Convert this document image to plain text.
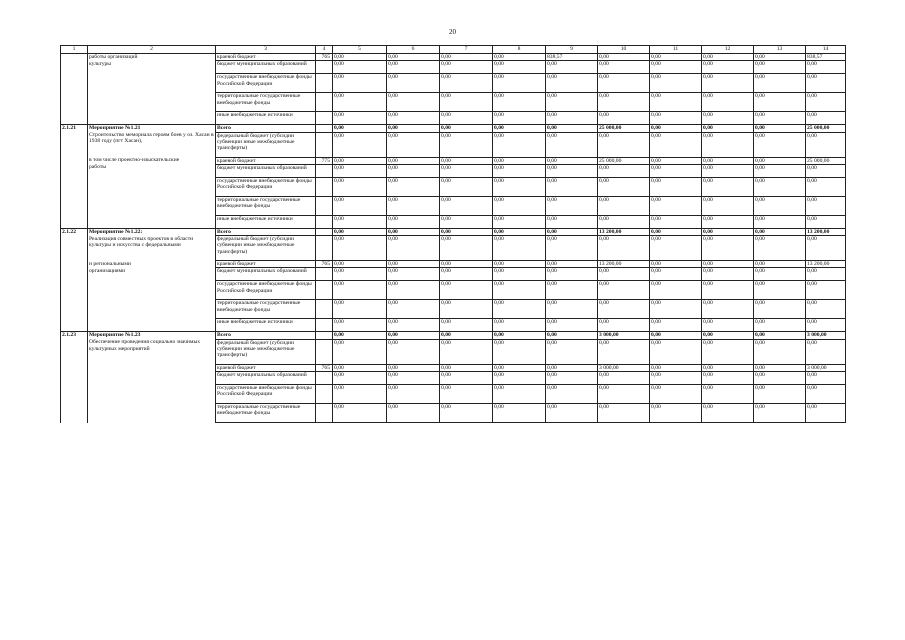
20
1	2	3	4	5	6	7	8	9	10	11	12	13	14
	работы организаций	краевой бюджет	765	0,00	0,00	0,00	0,00	838,57	0,00	0,00	0,00	0,00	838,57
	культуры	бюджет муниципальных образований		0,00	0,00	0,00	0,00	0,00	0,00	0,00	0,00	0,00	0,00
		государственные внебюджетные фонды Российской Федерации		0,00	0,00	0,00	0,00	0,00	0,00	0,00	0,00	0,00	0,00
		территориальные государственные внебюджетные фонды		0,00	0,00	0,00	0,00	0,00	0,00	0,00	0,00	0,00	0,00
		иные внебюджетные источники		0,00	0,00	0,00	0,00	0,00	0,00	0,00	0,00	0,00	0,00
2.1.21	Мероприятие №1.21	Всего		0,00	0,00	0,00	0,00	0,00	25 000,00	0,00	0,00	0,00	25 000,00
	Строительство мемориала героям боев у оз. Хасан в 1938 году (пгт Хасан),	федеральный бюджет (субсидии субвенции иные межбюджетные трансферты)		0,00	0,00	0,00	0,00	0,00	0,00	0,00	0,00	0,00	0,00
	в том числе проектно-изыскательские	краевой бюджет	775	0,00	0,00	0,00	0,00	0,00	25 000,00	0,00	0,00	0,00	25 000,00
	работы	бюджет муниципальных образований		0,00	0,00	0,00	0,00	0,00	0,00	0,00	0,00	0,00	0,00
		государственные внебюджетные фонды Российской Федерации		0,00	0,00	0,00	0,00	0,00	0,00	0,00	0,00	0,00	0,00
		территориальные государственные внебюджетные фонды		0,00	0,00	0,00	0,00	0,00	0,00	0,00	0,00	0,00	0,00
		иные внебюджетные источники		0,00	0,00	0,00	0,00	0,00	0,00	0,00	0,00	0,00	0,00
2.1.22	Мероприятие №1.22:	Всего		0,00	0,00	0,00	0,00	0,00	13 200,00	0,00	0,00	0,00	13 200,00
	Реализация совместных проектов в области культуры и искусства с федеральными	федеральный бюджет (субсидии субвенции иные межбюджетные трансферты)		0,00	0,00	0,00	0,00	0,00	0,00	0,00	0,00	0,00	0,00
	и региональными	краевой бюджет	765	0,00	0,00	0,00	0,00	0,00	13 200,00	0,00	0,00	0,00	13 200,00
	организациями	бюджет муниципальных образований		0,00	0,00	0,00	0,00	0,00	0,00	0,00	0,00	0,00	0,00
		государственные внебюджетные фонды Российской Федерации		0,00	0,00	0,00	0,00	0,00	0,00	0,00	0,00	0,00	0,00
		территориальные государственные внебюджетные фонды		0,00	0,00	0,00	0,00	0,00	0,00	0,00	0,00	0,00	0,00
		иные внебюджетные источники		0,00	0,00	0,00	0,00	0,00	0,00	0,00	0,00	0,00	0,00
2.1.23	Мероприятие №1.23	Всего		0,00	0,00	0,00	0,00	0,00	3 000,00	0,00	0,00	0,00	3 000,00
	Обеспечение проведения социально значимых культурных мероприятий	федеральный бюджет (субсидии субвенции иные межбюджетные трансферты)		0,00	0,00	0,00	0,00	0,00	0,00	0,00	0,00	0,00	0,00
		краевой бюджет	765	0,00	0,00	0,00	0,00	0,00	3 000,00	0,00	0,00	0,00	3 000,00
		бюджет муниципальных образований		0,00	0,00	0,00	0,00	0,00	0,00	0,00	0,00	0,00	0,00
		государственные внебюджетные фонды Российской Федерации		0,00	0,00	0,00	0,00	0,00	0,00	0,00	0,00	0,00	0,00
		территориальные государственные внебюджетные фонды		0,00	0,00	0,00	0,00	0,00	0,00	0,00	0,00	0,00	0,00
